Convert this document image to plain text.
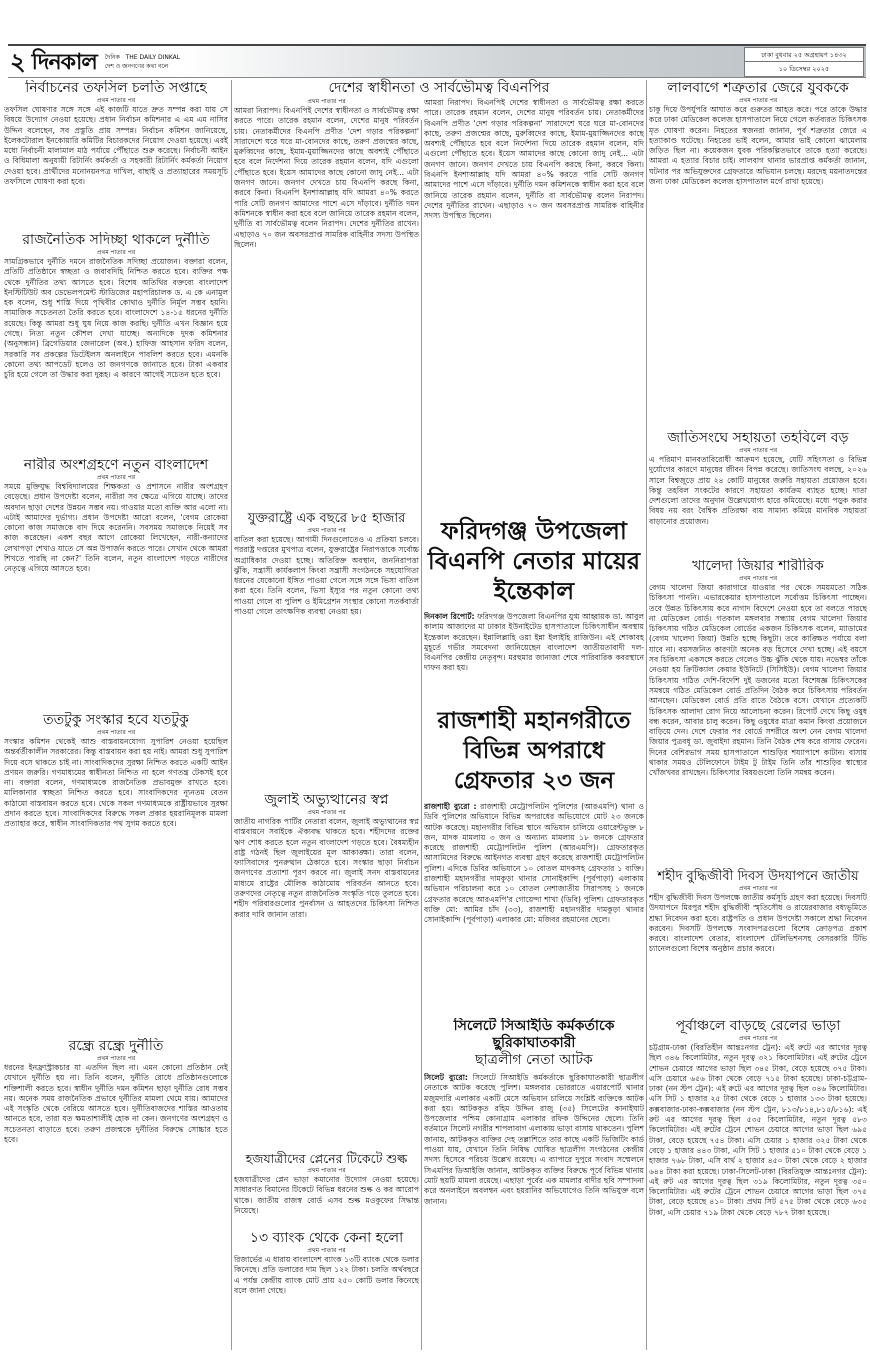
২ দিনকাল দৈনিক THE DAILY DINKAL
দেশ ও জনগণের কথা বলে
ঢাকা বুধবার ২৫ অগ্রহায়ণ ১৪৩২
১০ ডিসেম্বর ২০২৫
নির্বাচনের তফসিল চলতি সপ্তাহে
প্রথম পাতার পর
তফসিল ঘোষণার সঙ্গে সঙ্গে এই কাজটি যাতে দ্রুত সম্পন্ন করা যায় সে বিষয়ে উদ্যোগ নেওয়া হয়েছে। প্রধান নির্বাচন কমিশনার এ এম এম নাসির উদ্দিন বলেছেন, সব প্রস্তুতি প্রায় সম্পন্ন। নির্বাচন কমিশন জানিয়েছে, ইলেকটোরাল ইনকোয়ারি কমিটির বিচারকদের নিয়োগ দেওয়া হয়েছে। এরই মধ্যে নির্বাচনী মালামাল মাঠ পর্যায়ে পৌঁছাতে শুরু করেছে। নির্বাচনী আইন ও বিধিমালা অনুযায়ী রিটার্নিং কর্মকর্তা ও সহকারী রিটার্নিং কর্মকর্তা নিয়োগ দেওয়া হবে। প্রার্থীদের মনোনয়নপত্র দাখিল, বাছাই ও প্রত্যাহারের সময়সূচি তফসিলে ঘোষণা করা হবে।
রাজনৈতিক সদিচ্ছা থাকলে দুর্নীতি
প্রথম পাতার পর
সামগ্রিকভাবে দুর্নীতি দমনে রাজনৈতিক সদিচ্ছা প্রয়োজন। বক্তারা বলেন, প্রতিটি প্রতিষ্ঠানে স্বচ্ছতা ও জবাবদিহি নিশ্চিত করতে হবে। ব্যক্তির পক্ষ থেকে দুর্নীতির তথ্য আসতে হবে। বিশেষ অতিথির বক্তব্যে বাংলাদেশ ইনস্টিটিউট অব ডেভেলপমেন্ট স্টাডিজের মহাপরিচালক ড. এ কে এনামুল হক বলেন, শুধু শাস্তি দিয়ে পৃথিবীর কোথাও দুর্নীতি নির্মূল সম্ভব হয়নি। সামাজিক সচেতনতা তৈরি করতে হবে। বাংলাদেশে ১৪-১৫ ধরনের দুর্নীতি রয়েছে। কিন্তু আমরা শুধু ঘুষ নিয়ে কাজ করছি। দুর্নীতি এখন বিজ্ঞান হয়ে গেছে। নিত্য নতুন কৌশল দেখা যাচ্ছে। অন্যদিকে দুদক কমিশনার (অনুসন্ধান) ব্রিগেডিয়ার জেনারেল (অব.) হাফিজ আহসান ফরিদ বলেন, সরকারি সব প্রকল্পের ডিটেইলস অনলাইনে পাবলিশ করতে হবে। এমনকি কোনো তথ্য আপডেট হলেও তা জনগণকে জানাতে হবে। টাকা একবার চুরি হয়ে গেলে তা উদ্ধার করা দুরূহ। এ কারণে আগেই সচেতন হতে হবে।
নারীর অংশগ্রহণে নতুন বাংলাদেশ
প্রথম পাতার পর
সময়ে মুক্তিযুদ্ধ বিশ্ববিদ্যালয়ের শিক্ষকতা ও প্রশাসনে নারীর অংশগ্রহণ বেড়েছে। প্রধান উপদেষ্টা বলেন, নারীরা সব ক্ষেত্রে এগিয়ে যাচ্ছে। তাদের অবদান ছাড়া দেশের উন্নয়ন সম্ভব নয়। গাওয়ার মতো ব্যক্তি আর এলো না। এটাই আমাদের দুর্ভাগ্য। প্রধান উপদেষ্টা আরো বলেন, 'বেগম রোকেয়া কোনো কাজ সমাজকে বাদ দিয়ে করেননি। সবসময় সমাজকে নিয়েই সব কাজ করেছেন। একশ বছর আগে রোকেয়া লিখেছেন, নারী-কন্যাদের লেখাপড়া শেখাও যাতে সে অন্ন উপার্জন করতে পারে। সেখান থেকে আমরা শিখতে পারছি না কেন?' তিনি বলেন, নতুন বাংলাদেশ গড়তে নারীদের নেতৃত্বে এগিয়ে আসতে হবে।
ততটুকু সংস্কার হবে যতটুকু
প্রথম পাতার পর
সংস্কার কমিশন থেকেই আশু বাস্তবায়নযোগ্য সুপারিশ নেওয়া হয়েছিল অন্তর্বর্তীকালীন সরকারের। কিন্তু বাস্তবায়ন করা হয় নাই। আমরা শুধু সুপারিশ দিয়ে বসে থাকতে চাই না। সাংবাদিকদের সুরক্ষা নিশ্চিত করতে একটি আইন প্রণয়ন জরুরি। গণমাধ্যমের স্বাধীনতা নিশ্চিত না হলে গণতন্ত্র টেকসই হবে না। বক্তারা বলেন, গণমাধ্যমকে রাজনৈতিক প্রভাবমুক্ত রাখতে হবে। মালিকানার স্বচ্ছতা নিশ্চিত করতে হবে। সাংবাদিকদের ন্যূনতম বেতন কাঠামো বাস্তবায়ন করতে হবে। থেকে সকল গণমাধ্যমকে রাষ্ট্রীয়ভাবে সুরক্ষা প্রদান করতে হবে। সাংবাদিকদের বিরুদ্ধে সকল প্রকার হয়রানিমূলক মামলা প্রত্যাহার করে, স্বাধীন সাংবাদিকতার পথ সুগম করতে হবে।
রন্ধ্রে রন্ধ্রে দুর্নীতি
প্রথম পাতার পর
ধরনের ইনফ্রাস্ট্রাকচার যা এতদিন ছিল না। এমন কোনো প্রতিষ্ঠান নেই যেখানে দুর্নীতি হয় না। তিনি বলেন, দুর্নীতি রোধে প্রতিষ্ঠানগুলোকে শক্তিশালী করতে হবে। স্বাধীন দুর্নীতি দমন কমিশন ছাড়া দুর্নীতি রোধ সম্ভব নয়। অনেক সময় রাজনৈতিক প্রভাবে দুর্নীতির মামলা থেমে যায়। আমাদের এই সংস্কৃতি থেকে বেরিয়ে আসতে হবে। দুর্নীতিবাজদের শাস্তির আওতায় আনতে হবে, তারা যত ক্ষমতাশালীই হোক না কেন। জনগণের অংশগ্রহণ ও সচেতনতা বাড়াতে হবে। তরুণ প্রজন্মকে দুর্নীতির বিরুদ্ধে সোচ্চার হতে হবে।
দেশের স্বাধীনতা ও সার্বভৌমত্ব বিএনপির
প্রথম পাতার পর
আমরা নিরাপদ। বিএনপিই দেশের স্বাধীনতা ও সার্বভৌমত্ব রক্ষা করতে পারে। তারেক রহমান বলেন, দেশের মানুষ পরিবর্তন চায়। নেতাকর্মীদের বিএনপি প্রণীত 'দেশ গড়ার পরিকল্পনা' সারাদেশে ঘরে ঘরে মা-বোনদের কাছে, তরুণ প্রজন্মের কাছে, মুরুব্বিদের কাছে, ইমাম-মুয়াজ্জিনদের কাছে অবশ্যই পৌঁছাতে হবে বলে নির্দেশনা দিয়ে তারেক রহমান বলেন, যদি এগুলো পৌঁছাতে হবে। ইয়েস আমাদের কাছে কোনো জাদু নেই... এটা জনগণ জানে। জনগণ দেখতে চায় বিএনপি করছে কিনা, করবে কিনা। বিএনপি ইনশাআল্লাহ যদি আমরা ৪০% করতে পারি সেটি জনগণ আমাদের পাশে এসে দাঁড়াবে। দুর্নীতি দমন কমিশনকে স্বাধীন করা হবে বলে জানিয়ে তারেক রহমান বলেন, দুর্নীতি বা সার্বভৌমত্ব বলেন নিরাপদ। দেশের দুর্নীতির রাখেন। এছাড়াও ৭০ জন অবসরপ্রাপ্ত সামরিক বাহিনীর সদস্য উপস্থিত ছিলেন।
যুক্তরাষ্ট্রে এক বছরে ৮৫ হাজার
প্রথম পাতার পর
বাতিল করা হয়েছে। আগামী দিনগুলোতেও এ প্রক্রিয়া চলবে। পররাষ্ট্র দপ্তরের মুখপাত্র বলেন, যুক্তরাষ্ট্রের নিরাপত্তাকে সর্বোচ্চ অগ্রাধিকার দেওয়া হচ্ছে। অতিরিক্ত অবস্থান, জননিরাপত্তা ঝুঁকি, সন্ত্রাসী কার্যকলাপ কিংবা সন্ত্রাসী সংগঠনকে সহযোগিতা ধরনের যেকোনো ইঙ্গিত পাওয়া গেলে সঙ্গে সঙ্গে ভিসা বাতিল করা হবে। তিনি বলেন, ভিসা ইস্যুর পর নতুন কোনো তথ্য পাওয়া গেলে বা পুলিশ ও ইমিগ্রেশন সংস্থার কোনো সতর্কবার্তা পাওয়া গেলে তাৎক্ষণিক ব্যবস্থা নেওয়া হয়।
জুলাই অভ্যুত্থানের স্বপ্ন
প্রথম পাতার পর
জাতীয় নাগরিক পার্টির নেতারা বলেন, জুলাই অভ্যুত্থানের স্বপ্ন বাস্তবায়নে সবাইকে ঐক্যবদ্ধ থাকতে হবে। শহীদদের রক্তের ঋণ শোধ করতে হলে নতুন বাংলাদেশ গড়তে হবে। বৈষম্যহীন রাষ্ট্র গঠনই ছিল জুলাইয়ের মূল আকাঙ্ক্ষা। তারা বলেন, ফ্যাসিবাদের পুনরুত্থান ঠেকাতে হবে। সংস্কার ছাড়া নির্বাচন জনগণের প্রত্যাশা পূরণ করবে না। জুলাই সনদ বাস্তবায়নের মাধ্যমে রাষ্ট্রের মৌলিক কাঠামোয় পরিবর্তন আনতে হবে। তরুণদের নেতৃত্বে নতুন রাজনৈতিক সংস্কৃতি গড়ে তুলতে হবে। শহীদ পরিবারগুলোর পুনর্বাসন ও আহতদের চিকিৎসা নিশ্চিত করার দাবি জানান তারা।
হজযাত্রীদের প্লেনের টিকেটে শুল্ক
প্রথম পাতার পর
হজযাত্রীদের প্লেন ভাড়া কমানোর উদ্যোগ নেওয়া হয়েছে। সাধারণত বিমানের টিকেটে বিভিন্ন ধরনের শুল্ক ও কর আরোপ থাকে। জাতীয় রাজস্ব বোর্ড এসব শুল্ক মওকুফের সিদ্ধান্ত নিয়েছে।
১৩ ব্যাংক থেকে কেনা হলো
প্রথম পাতার পর
রিজার্ভের এ ধারায় বাংলাদেশ ব্যাংক ১৩টি ব্যাংক থেকে ডলার কিনেছে। প্রতি ডলারের দাম ছিল ১২২ টাকা। চলতি অর্থবছরে এ পর্যন্ত কেন্দ্রীয় ব্যাংক মোট প্রায় ২৫০ কোটি ডলার কিনেছে বলে জানা গেছে।
আমরা নিরাপদ। বিএনপিই দেশের স্বাধীনতা ও সার্বভৌমত্ব রক্ষা করতে পারে। তারেক রহমান বলেন, দেশের মানুষ পরিবর্তন চায়। নেতাকর্মীদের বিএনপি প্রণীত 'দেশ গড়ার পরিকল্পনা' সারাদেশে ঘরে ঘরে মা-বোনদের কাছে, তরুণ প্রজন্মের কাছে, মুরুব্বিদের কাছে, ইমাম-মুয়াজ্জিনদের কাছে অবশ্যই পৌঁছাতে হবে বলে নির্দেশনা দিয়ে তারেক রহমান বলেন, যদি এগুলো পৌঁছাতে হবে। ইয়েস আমাদের কাছে কোনো জাদু নেই... এটা জনগণ জানে। জনগণ দেখতে চায় বিএনপি করছে কিনা, করবে কিনা। বিএনপি ইনশাআল্লাহ যদি আমরা ৪০% করতে পারি সেটি জনগণ আমাদের পাশে এসে দাঁড়াবে। দুর্নীতি দমন কমিশনকে স্বাধীন করা হবে বলে জানিয়ে তারেক রহমান বলেন, দুর্নীতি বা সার্বভৌমত্ব বলেন নিরাপদ। দেশের দুর্নীতির রাখেন। এছাড়াও ৭০ জন অবসরপ্রাপ্ত সামরিক বাহিনীর সদস্য উপস্থিত ছিলেন।
ফরিদগঞ্জ উপজেলা বিএনপি নেতার মায়ের ইন্তেকাল
দিনকাল রিপোর্ট: ফরিদগঞ্জ উপজেলা বিএনপির যুগ্ম আহ্বায়ক ডা. আবুল কালাম আজাদের মা ঢাকার ইউনাইটেড হাসপাতালে চিকিৎসাধীন অবস্থায় ইন্তেকাল করেছেন। ইন্নালিল্লাহি ওয়া ইন্না ইলাইহি রাজিউন। এই শোকাবহ মুহূর্তে গভীর সমবেদনা জানিয়েছেন বাংলাদেশ জাতীয়তাবাদী দল-বিএনপির কেন্দ্রীয় নেতৃবৃন্দ। মরহুমার জানাজা শেষে পারিবারিক কবরস্থানে দাফন করা হয়।
রাজশাহী মহানগরীতে বিভিন্ন অপরাধে গ্রেফতার ২৩ জন
রাজশাহী ব্যুরো : রাজশাহী মেট্রোপলিটন পুলিশের (আরএমপি) থানা ও ডিবি পুলিশের অভিযানে বিভিন্ন অপরাধের অভিযোগে মোট ২৩ জনকে আটক করেছে। মহানগরীর বিভিন্ন স্থানে অভিযান চালিয়ে ওয়ারেন্টভুক্ত ৮ জন, মাদক মামলায় ৩ জন ও অন্যান্য মামলায় ১৮ জনকে গ্রেফতার করেছে রাজশাহী মেট্রোপলিটন পুলিশ (আরএমপি)। গ্রেফতারকৃত আসামিদের বিরুদ্ধে আইনগত ব্যবস্থা গ্রহণ করেছে রাজশাহী মেট্রোপলিটন পুলিশ। এদিকে ডিবির অভিযানে ১০ বোতল মাদকসহ গ্রেফতার ১ ব্যক্তি। রাজশাহী মহানগরীর দামকুড়া থানার সোনাইকান্দি (পূর্বপাড়া) এলাকায় অভিযান পরিচালনা করে ১০ বোতল নেশাজাতীয় সিরাপসহ ১ জনকে গ্রেফতার করেছে আরএমপি'র গোয়েন্দা শাখা (ডিবি) পুলিশ। গ্রেফতারকৃত ব্যক্তি মো: আমির চাঁদ (৩৩), রাজশাহী মহানগরীর দামকুড়া থানার সোনাইকান্দি (পূর্বপাড়া) এলাকার মো: মজিবর রহমানের ছেলে।
সিলেটে সিআইডি কর্মকর্তাকে ছুরিকাঘাতকারী
ছাত্রলীগ নেতা আটক
সিলেট ব্যুরো: সিলেটে সিআইডি কর্মকর্তাকে ছুরিকাঘাতকারী ছাত্রলীগ নেতাকে আটক করেছে পুলিশ। মঙ্গলবার ভোররাতে এয়ারপোর্ট থানার মজুমদারি এলাকার একটি মেসে অভিযান চালিয়ে সংশ্লিষ্ট ব্যক্তিকে আটক করা হয়। আটককৃত রহিম উদ্দিন রাজু (৩৫) সিলেটের কানাইঘাট উপজেলার পশ্চিম কোনাগ্রাম এলাকার রফিক উদ্দিনের ছেলে। তিনি বর্তমানে সিলেট নগরীর শাপলাবাগ এলাকায় ভাড়া বাসায় থাকতেন। পুলিশ জানায়, আটককৃত ব্যক্তির দেহ তল্লাশিতে তার কাছে একটি ভিজিটিং কার্ড পাওয়া যায়, যেখানে তিনি নিষিদ্ধ ঘোষিত ছাত্রলীগ সংগঠনের কেন্দ্রীয় সদস্য হিসেবে পরিচয় উল্লেখ রয়েছে। এ ব্যাপারে দুপুরে সংবাদ সম্মেলনে সিএমপির ডিআইজি জানান, আটককৃত ব্যক্তির বিরুদ্ধে পূর্বে বিভিন্ন থানায় মোট ছয়টি মামলা রয়েছে। এছাড়া পূর্বের এক মামলার বাদীর ছবি সম্পাদনা করে অনলাইনে অবলম্বন এবং হয়রানির অভিযোগেও তিনি অভিযুক্ত বলে জানান।
লালবাগে শত্রুতার জেরে যুবককে
প্রথম পাতার পর
চাকু দিয়ে উপর্যুপরি আঘাত করে গুরুতর আহত করে। পরে তাকে উদ্ধার করে ঢাকা মেডিকেল কলেজ হাসপাতালে নিয়ে গেলে কর্তব্যরত চিকিৎসক মৃত ঘোষণা করেন। নিহতের স্বজনরা জানান, পূর্ব শত্রুতার জেরে এ হত্যাকাণ্ড ঘটেছে। নিহতের ভাই বলেন, আমার ভাই কোনো ঝামেলায় জড়িত ছিল না। কয়েকজন যুবক পরিকল্পিতভাবে তাকে হত্যা করেছে। আমরা এ হত্যার বিচার চাই। লালবাগ থানার ভারপ্রাপ্ত কর্মকর্তা জানান, ঘটনার পর অভিযুক্তদের গ্রেফতারে অভিযান চলছে। মরদেহ ময়নাতদন্তের জন্য ঢাকা মেডিকেল কলেজ হাসপাতাল মর্গে রাখা হয়েছে।
জাতিসংঘে সহায়তা তহবিলে বড়
প্রথম পাতার পর
এ পরিমাণ মানবতাবিরোধী আক্রমণ হয়েছে, যেটি সহিংসতা ও বিভিন্ন দুর্যোগের কারণে মানুষের জীবন বিপন্ন করেছে। জাতিসংঘ বলছে, ২০২৬ সালে বিশ্বজুড়ে প্রায় ২৪ কোটি মানুষের জরুরি সহায়তা প্রয়োজন হবে। কিন্তু তহবিল সংকটের কারণে সহায়তা কার্যক্রম ব্যাহত হচ্ছে। দাতা দেশগুলো তাদের অনুদান উল্লেখযোগ্য হারে কমিয়েছে। মধ্যে পড়ুক করার বিষয় নয় বরং বৈশ্বিক প্রতিরক্ষা ব্যয় সামান্য কমিয়ে মানবিক সহায়তা বাড়ানোর প্রয়োজন।
খালেদা জিয়ার শারীরিক
প্রথম পাতার পর
বেগম খালেদা জিয়া কারাগারে যাওয়ার পর থেকে সময়মতো সঠিক চিকিৎসা পাননি। এভারকেয়ার হাসপাতালে সর্বোত্তম চিকিৎসা পাচ্ছেন। তবে উন্নত চিকিৎসায় কবে নাগাদ বিদেশে নেওয়া হবে তা বলতে পারছে না মেডিকেল বোর্ড। গতকাল মঙ্গলবার সন্ধ্যায় বেগম খালেদা জিয়ার চিকিৎসায় গঠিত মেডিকেল বোর্ডের একজন চিকিৎসক বলেন, ম্যাডামের (বেগম খালেদা জিয়া) উন্নতি হচ্ছে কিছুটা। তবে কাঙ্ক্ষিত পর্যায়ে বলা যাবে না। বয়সজনিত কারণটা অনেক বড় হিসেবে দেখা হচ্ছে। এই বয়সে সব চিকিৎসা একসঙ্গে করতে গেলেও উচ্চ ঝুঁকি থেকে যায়। নভেম্বর তাঁকে নেওয়া হয় ক্রিটিক্যাল কেয়ার ইউনিটে (সিসিইউ)। বেগম খালেদা জিয়ার চিকিৎসায় গঠিত দেশি-বিদেশি দুই ডজনের মতো বিশেষজ্ঞ চিকিৎসকের সমন্বয়ে গঠিত মেডিকেল বোর্ড প্রতিদিন বৈঠক করে চিকিৎসায় পরিবর্তন আনছেন। মেডিকেল বোর্ড প্রতি রাতে বৈঠকে বসে। যেখানে প্রত্যেকটি চিকিৎসক আলাদা রোগ নিয়ে আলোচনা করেন। রিপোর্ট দেখে কিছু ওষুধ বন্ধ করেন, আবার চালু করেন। কিছু ওষুধের মাত্রা কমান কিংবা প্রয়োজনে বাড়িয়ে দেন। দেশে ফেরার পর বোর্ডে সশরীরে অংশ নেন বেগম খালেদা জিয়ার পুত্রবধূ ডা. জুবাইদা রহমান। তিনি বৈঠক শেষ করে বাসায় ফেরেন। দিনের বেশিরভাগ সময় হাসপাতালে শাশুড়ির শয্যাপাশে কাটান। বাসায় থাকার সময়ও টেলিফোনে টাইম টু টাইম তিনি তাঁর শাশুড়ির স্বাস্থ্যের খোঁজখবর রাখছেন। চিকিৎসার বিষয়গুলো তিনি সমন্বয় করেন।
শহীদ বুদ্ধিজীবী দিবস উদযাপনে জাতীয়
প্রথম পাতার পর
শহীদ বুদ্ধিজীবী দিবস উপলক্ষে জাতীয় কর্মসূচি গ্রহণ করা হয়েছে। দিবসটি উদযাপনে মিরপুর শহীদ বুদ্ধিজীবী স্মৃতিসৌধ ও রায়েরবাজার বধ্যভূমিতে শ্রদ্ধা নিবেদন করা হবে। রাষ্ট্রপতি ও প্রধান উপদেষ্টা সকালে শ্রদ্ধা নিবেদন করবেন। দিবসটি উপলক্ষে সংবাদপত্রগুলো বিশেষ ক্রোড়পত্র প্রকাশ করবে। বাংলাদেশ বেতার, বাংলাদেশ টেলিভিশনসহ বেসরকারি টিভি চ্যানেলগুলো বিশেষ অনুষ্ঠান প্রচার করবে।
পূর্বাঞ্চলে বাড়ছে রেলের ভাড়া
প্রথম পাতার পর
চট্টগ্রাম-ঢাকা (বিরতিহীন আন্তঃনগর ট্রেন): এই রুটে এর আগের দূরত্ব ছিল ৩৪৬ কিলোমিটার, নতুন দূরত্ব ৩২১ কিলোমিটার। এই রুটের ট্রেনে শোভন চেয়ারে আগের ভাড়া ছিল ৩৪৫ টাকা, বেড়ে হয়েছে ৩৭৫ টাকা। এসি চেয়ারে ৬৫৬ টাকা থেকে বেড়ে ৭১৫ টাকা হয়েছে। ঢাকা-চট্টগ্রাম-ঢাকা (নন স্টপ ট্রেন): এই রুটে এর আগের দূরত্ব ছিল ৩৪৬ কিলোমিটার। এসি সিট ১ হাজার ২৫ টাকা থেকে বেড়ে ১ হাজার ১৩৩ টাকা হয়েছে। কক্সবাজার-ঢাকা-কক্সবাজার (নন স্টপ ট্রেন, ৮১৩/৮১৪,৮১৫/৮১৬): এই রুট এর আগের দূরত্ব ছিল ৫৩৫ কিলোমিটার, নতুন দূরত্ব ৫৮৩ কিলোমিটার। এই রুটের ট্রেনে শোভন চেয়ারে আগের ভাড়া ছিল ৬৯৫ টাকা, বেড়ে হয়েছে ৭৫৪ টাকা। এসি চেয়ার ১ হাজার ৩২৫ টাকা থেকে বেড়ে ১ হাজার ৪৪৩ টাকা, এসি সিট ১ হাজার ৫১০ টাকা থেকে বেড়ে ১ হাজার ৭৬৮ টাকা, এসি বার্থ ২ হাজার ৪৫০ টাকা থেকে বেড়ে ২ হাজার ৬৪৪ টাকা করা হয়েছে। ঢাকা-সিলেট-ঢাকা (বিরতিযুক্ত আন্তঃনগর ট্রেন): এই রুট এর আগের দূরত্ব ছিল ৩১৯ কিলোমিটার, নতুন দূরত্ব ৩৫০ কিলোমিটার। এই রুটের ট্রেনে শোভন চেয়ারে আগের ভাড়া ছিল ৩৭৫ টাকা, বেড়ে হয়েছে ৪১০ টাকা। প্রথম সিট ৫৭৫ টাকা থেকে বেড়ে ৬৩৫ টাকা, এসি চেয়ার ৭১৯ টাকা থেকে বেড়ে ৭৮৭ টাকা হয়েছে।
